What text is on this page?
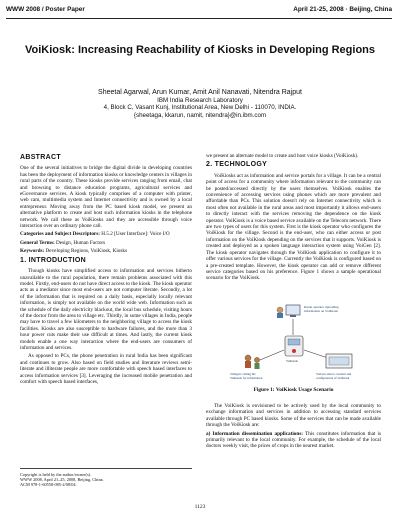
WWW 2008 / Poster Paper	April 21-25, 2008 · Beijing, China
VoiKiosk: Increasing Reachability of Kiosks in Developing Regions
Sheetal Agarwal, Arun Kumar, Amit Anil Nanavati, Nitendra Rajput
IBM India Research Laboratory
4, Block C, Vasant Kunj, Institutional Area, New Delhi - 110070, INDIA.
{sheetaga, kkarun, namit, nitendra}@in.ibm.com
ABSTRACT

One of the several initiatives to bridge the digital divide in developing countries has been the deployment of information kiosks or knowledge centers in villages in rural parts of the country. These kiosks provide services ranging from email, chat and browsing to distance education programs, agricultural services and eGovernance services. A kiosk typically comprises of a computer with printer, web cam, multimedia system and Internet connectivity and is owned by a local entrepreneur. Moving away from the PC based kiosk model, we present an alternative platform to create and host such information kiosks in the telephone network. We call these as VoiKiosks and they are accessible through voice interaction over an ordinary phone call.

Categories and Subject Descriptors: H.5.2 [User Interface]: Voice I/O

General Terms: Design, Human Factors

Keywords: Developing Regions, VoiKiosk, Kiosks

1. INTRODUCTION

Though kiosks have simplified access to information and services hitherto unavailable to the rural population, there remain problems associated with this model. Firstly, end-users do not have direct access to the kiosk. The kiosk operator acts as a mediator since most end-users are not computer literate. Secondly, a lot of the information that is required on a daily basis, especially locally relevant information, is simply not available on the world wide web. Information such as the schedule of the daily electricity blackout, the local bus schedule, visiting hours of the doctor from the area to village etc. Thirdly, in some villages in India, people may have to travel a few kilometers to the neighboring village to access the kiosk facilities. Kiosks are also susceptible to hardware failures, and the more than 3 hour power cuts make their use difficult at times. And lastly, the current kiosk models enable a one way interaction where the end-users are consumers of information and services.

As opposed to PCs, the phone penetration in rural India has been significant and continues to grow. Also based on field studies and literature reviews semi-literate and illiterate people are more comfortable with speech based interfaces to access information services [3]. Leveraging the increased mobile penetration and comfort with speech based interfaces,

Copyright is held by the author/owner(s).
WWW 2008, April 21–25, 2008, Beijing, China.
ACM 978-1-60558-085-2/08/04.

we present an alternate model to create and host voice kiosks (VoiKiosk).

2. TECHNOLOGY

VoiKiosks act as information and service portals for a village. It can be a central point of access for a community where information relevant to the community can be posted/accessed directly by the users themselves. VoiKiosk enables the convenience of accessing services using phones which are more prevalent and affordable than PCs. This solution doesn't rely on Internet connectivity which is most often not available in the rural areas and most importantly it allows end-users to directly interact with the services removing the dependence on the kiosk operator. VoiKiosk is a voice based service available on the Telecom network. There are two types of users for this system. First is the kiosk operator who configures the VoiKiosk for the village. Second is the end-user, who can either access or post information on the VoiKiosk depending on the services that it supports. VoiKiosk is created and deployed as a spoken language interaction system using VoiGen [2]. The kiosk operator navigates through the VoiKiosk application to configure it to offer various services for the village. Currently the VoiKiosk is configured based on a pre-created template. However, the kiosk operator can add or remove different service categories based on his preference. Figure 1 shows a sample operational scenario for the VoiKiosk.

Kiosk operator uploading information on VoiKiosk
Villagers calling the VoiKiosk for information
VoiGen allows creation and configuration of VoiKiosk
VoiKiosk
Figure 1: VoiKiosk Usage Scenario

The VoiKiosk is envisioned to be actively used by the local community to exchange information and services in addition to accessing standard services available through PC based kiosks. Some of the services that can be made available through the VoiKiosk are:

a) Information dissemination applications: This constitutes information that is primarily relevant to the local community. For example, the schedule of the local doctors weekly visit, the prices of crops in the nearest market.

1123
